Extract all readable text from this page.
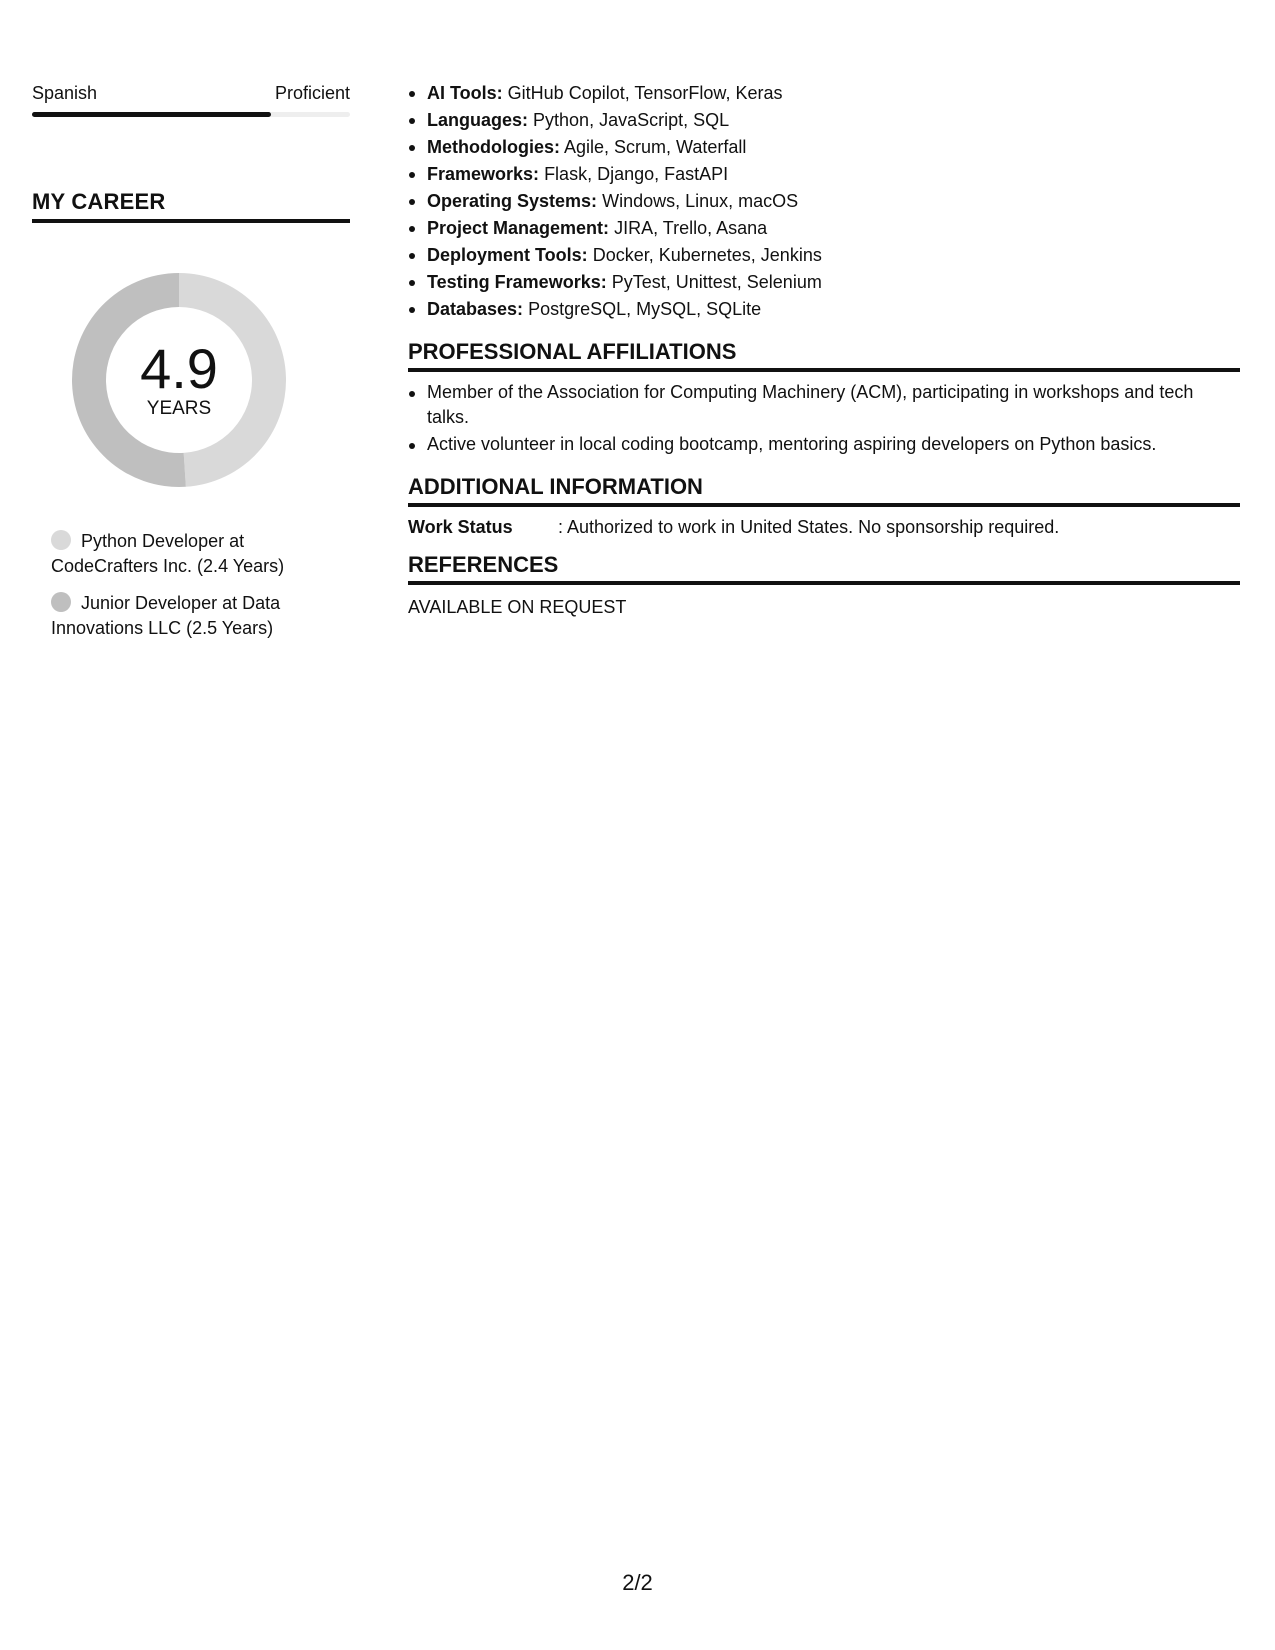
Spanish	Proficient
MY CAREER
4.9
YEARS
Python Developer at CodeCrafters Inc. (2.4 Years)
Junior Developer at Data Innovations LLC (2.5 Years)
AI Tools: GitHub Copilot, TensorFlow, Keras
Languages: Python, JavaScript, SQL
Methodologies: Agile, Scrum, Waterfall
Frameworks: Flask, Django, FastAPI
Operating Systems: Windows, Linux, macOS
Project Management: JIRA, Trello, Asana
Deployment Tools: Docker, Kubernetes, Jenkins
Testing Frameworks: PyTest, Unittest, Selenium
Databases: PostgreSQL, MySQL, SQLite
PROFESSIONAL AFFILIATIONS
Member of the Association for Computing Machinery (ACM), participating in workshops and tech talks.
Active volunteer in local coding bootcamp, mentoring aspiring developers on Python basics.
ADDITIONAL INFORMATION
Work Status	: Authorized to work in United States. No sponsorship required.
REFERENCES
AVAILABLE ON REQUEST
2/2
